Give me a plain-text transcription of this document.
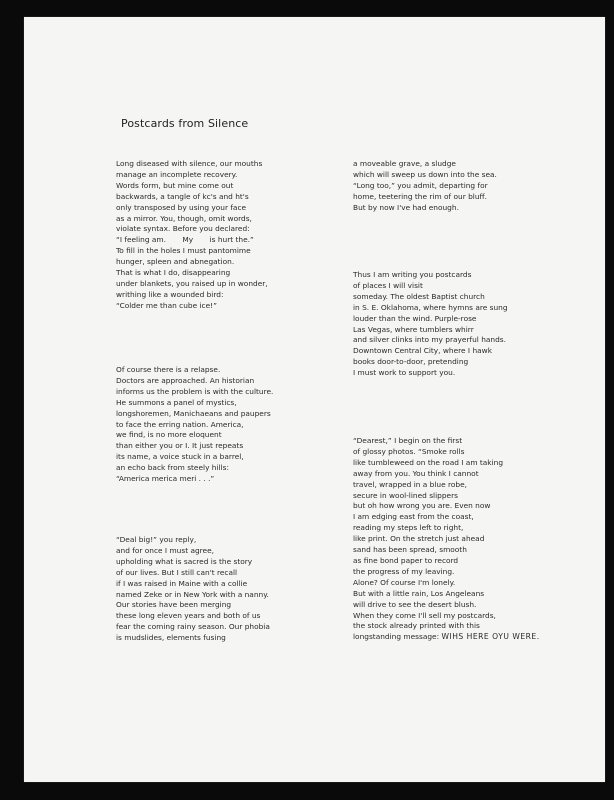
Postcards from Silence
Long diseased with silence, our mouths
manage an incomplete recovery.
Words form, but mine come out
backwards, a tangle of kc's and ht's
only transposed by using your face
as a mirror. You, though, omit words,
violate syntax. Before you declared:
“I feeling am.       My       is hurt the.”
To fill in the holes I must pantomime
hunger, spleen and abnegation.
That is what I do, disappearing
under blankets, you raised up in wonder,
writhing like a wounded bird:
“Colder me than cube ice!”
Of course there is a relapse.
Doctors are approached. An historian
informs us the problem is with the culture.
He summons a panel of mystics,
longshoremen, Manichaeans and paupers
to face the erring nation. America,
we find, is no more eloquent
than either you or I. It just repeats
its name, a voice stuck in a barrel,
an echo back from steely hills:
“America merica meri . . .”
“Deal big!” you reply,
and for once I must agree,
upholding what is sacred is the story
of our lives. But I still can't recall
if I was raised in Maine with a collie
named Zeke or in New York with a nanny.
Our stories have been merging
these long eleven years and both of us
fear the coming rainy season. Our phobia
is mudslides, elements fusing
a moveable grave, a sludge
which will sweep us down into the sea.
“Long too,” you admit, departing for
home, teetering the rim of our bluff.
But by now I've had enough.
Thus I am writing you postcards
of places I will visit
someday. The oldest Baptist church
in S. E. Oklahoma, where hymns are sung
louder than the wind. Purple-rose
Las Vegas, where tumblers whirr
and silver clinks into my prayerful hands.
Downtown Central City, where I hawk
books door-to-door, pretending
I must work to support you.
“Dearest,” I begin on the first
of glossy photos. “Smoke rolls
like tumbleweed on the road I am taking
away from you. You think I cannot
travel, wrapped in a blue robe,
secure in wool-lined slippers
but oh how wrong you are. Even now
I am edging east from the coast,
reading my steps left to right,
like print. On the stretch just ahead
sand has been spread, smooth
as fine bond paper to record
the progress of my leaving.
Alone? Of course I'm lonely.
But with a little rain, Los Angeleans
will drive to see the desert blush.
When they come I'll sell my postcards,
the stock already printed with this
longstanding message: WIHS HERE OYU WERE.
